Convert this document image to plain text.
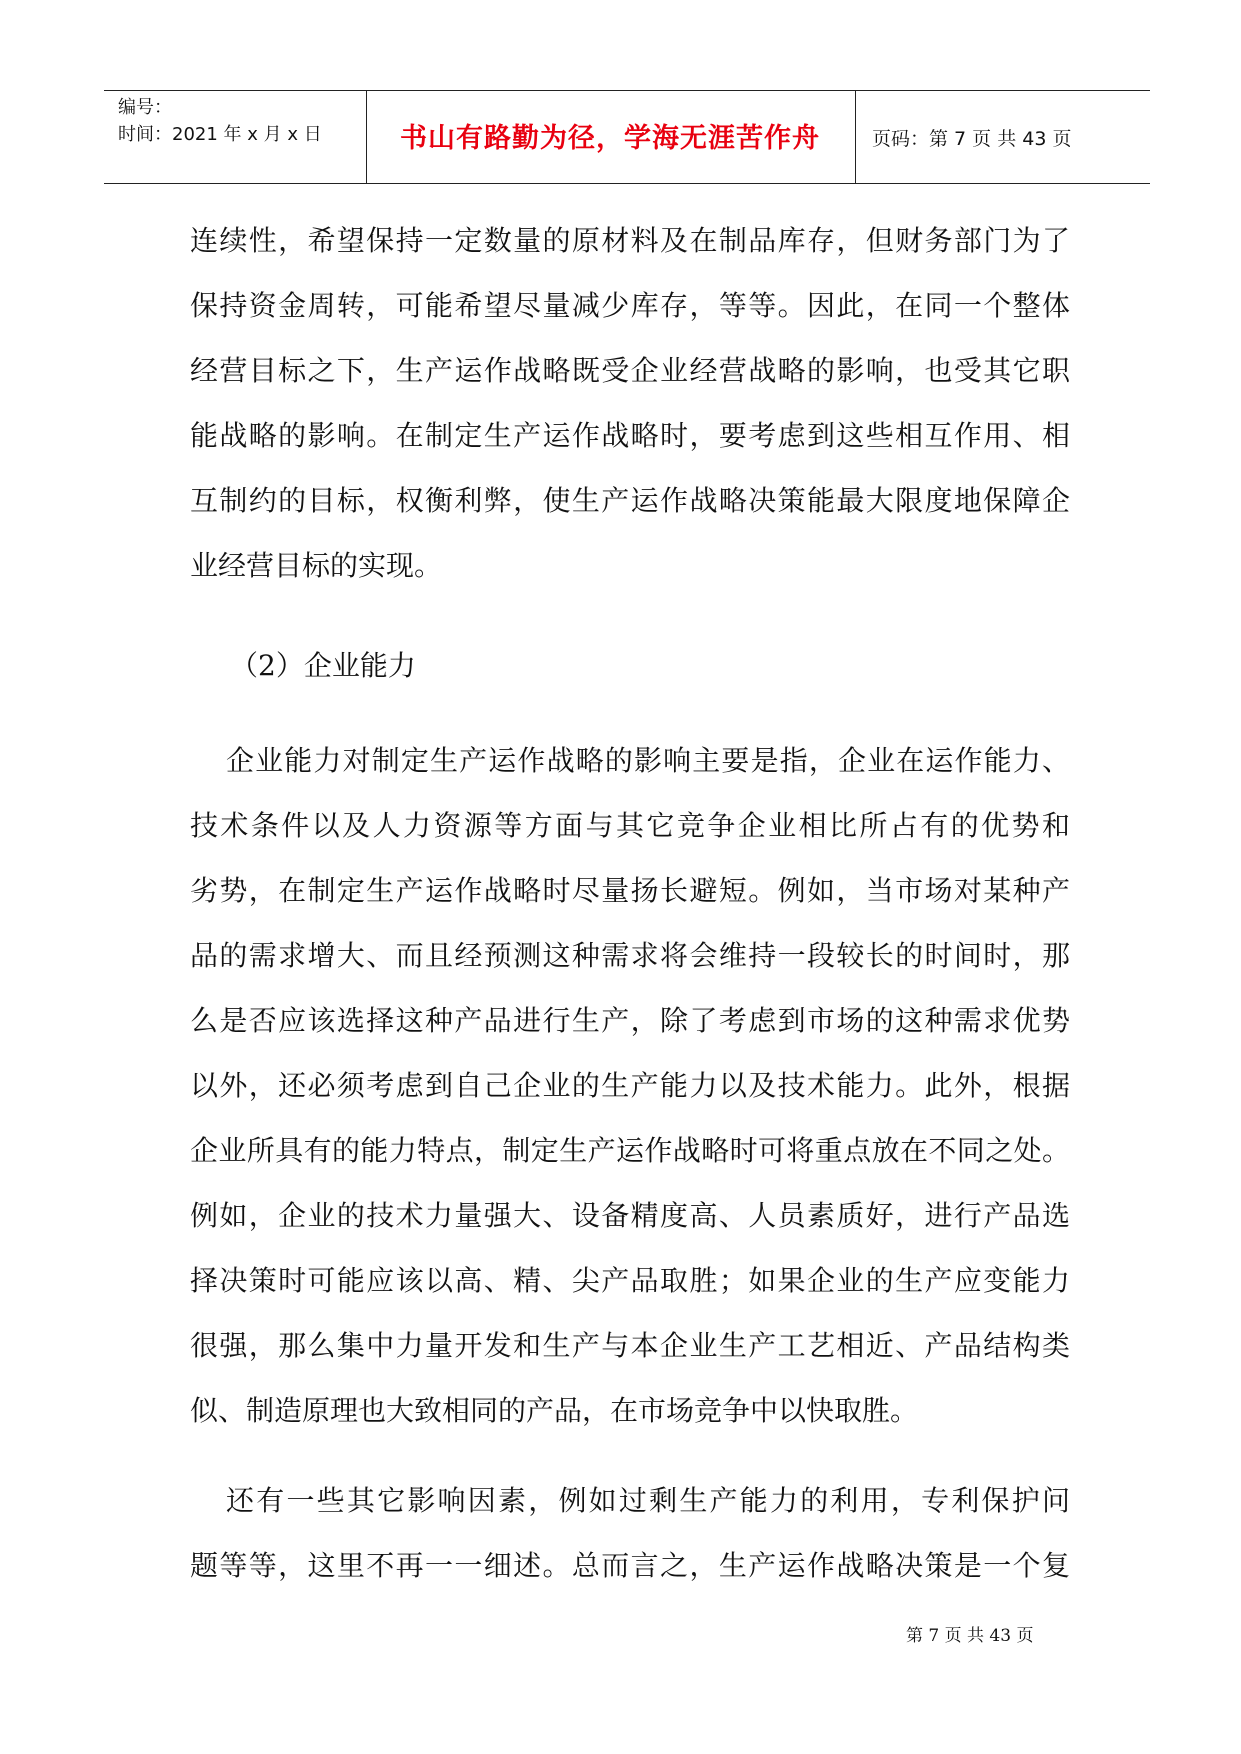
编号：
时间：2021 年 x 月 x 日	书山有路勤为径，学海无涯苦作舟	页码：第 7 页 共 43 页
连续性，希望保持一定数量的原材料及在制品库存，但财务部门为了
保持资金周转，可能希望尽量减少库存，等等。因此，在同一个整体
经营目标之下，生产运作战略既受企业经营战略的影响，也受其它职
能战略的影响。在制定生产运作战略时，要考虑到这些相互作用、相
互制约的目标，权衡利弊，使生产运作战略决策能最大限度地保障企
业经营目标的实现。
（2）企业能力
企业能力对制定生产运作战略的影响主要是指，企业在运作能力、
技术条件以及人力资源等方面与其它竞争企业相比所占有的优势和
劣势，在制定生产运作战略时尽量扬长避短。例如，当市场对某种产
品的需求增大、而且经预测这种需求将会维持一段较长的时间时，那
么是否应该选择这种产品进行生产，除了考虑到市场的这种需求优势
以外，还必须考虑到自己企业的生产能力以及技术能力。此外，根据
企业所具有的能力特点，制定生产运作战略时可将重点放在不同之处。
例如，企业的技术力量强大、设备精度高、人员素质好，进行产品选
择决策时可能应该以高、精、尖产品取胜；如果企业的生产应变能力
很强，那么集中力量开发和生产与本企业生产工艺相近、产品结构类
似、制造原理也大致相同的产品，在市场竞争中以快取胜。
还有一些其它影响因素，例如过剩生产能力的利用，专利保护问
题等等，这里不再一一细述。总而言之，生产运作战略决策是一个复
第 7 页 共 43 页
